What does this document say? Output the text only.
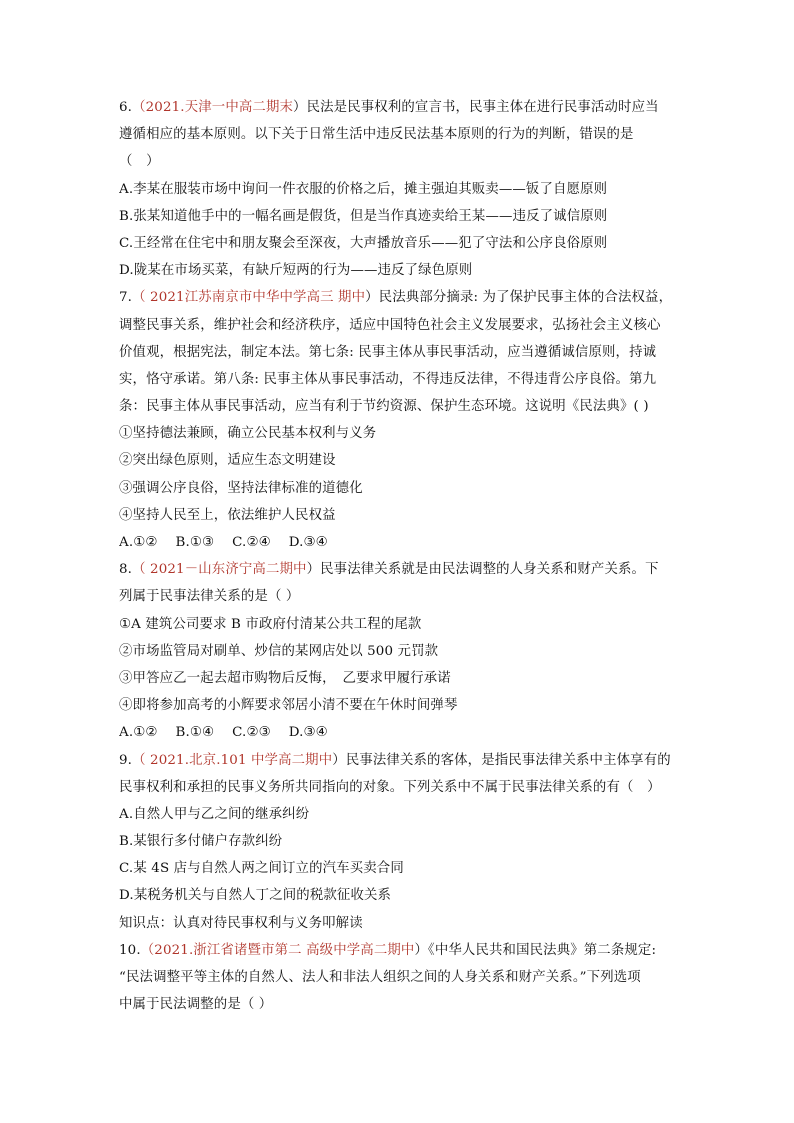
6.（2021.天津一中高二期末）民法是民事权利的宣言书，民事主体在进行民事活动时应当
遵循相应的基本原则。以下关于日常生活中违反民法基本原则的行为的判断，错误的是
（　）
A.李某在服装市场中询问一件衣服的价格之后，摊主强迫其贩卖——钣了自愿原则
B.张某知道他手中的一幅名画是假货，但是当作真迹卖给王某——违反了诚信原则
C.王经常在住宅中和朋友聚会至深夜，大声播放音乐——犯了守法和公序良俗原则
D.陇某在市场买菜，有缺斤短两的行为——违反了绿色原则
7.（ 2021江苏南京市中华中学高三 期中）民法典部分摘录: 为了保护民事主体的合法权益，
调整民事关系，维护社会和经济秩序，适应中国特色社会主义发展要求，弘扬社会主义核心
价值观，根据宪法，制定本法。第七条: 民事主体从事民事活动，应当遵循诚信原则，持诚
实，恪守承诺。第八条: 民事主体从事民事活动，不得违反法律，不得违背公序良俗。第九
条：民事主体从事民事活动，应当有利于节约资源、保护生态环境。这说明《民法典》( )
①坚持德法兼顾，确立公民基本权利与义务
②突出绿色原则，适应生态文明建设
③强调公序良俗，坚持法律标准的道德化
④坚持人民至上，依法维护人民权益
A.①②　 B.①③　 C.②④　 D.③④
8.（ 2021－山东济宁高二期中）民事法律关系就是由民法调整的人身关系和财产关系。下
列属于民事法律关系的是（ ）
①A 建筑公司要求 B 市政府付清某公共工程的尾款
②市场监管局对刷单、炒信的某网店处以 500 元罚款
③甲答应乙一起去超市购物后反悔，　乙要求甲履行承诺
④即将参加高考的小辉要求邻居小清不要在午休时间弹琴
A.①②　 B.①④　 C.②③　 D.③④
9.（ 2021.北京.101 中学高二期中）民事法律关系的客体，是指民事法律关系中主体享有的
民事权利和承担的民事义务所共同指向的对象。下列关系中不属于民事法律关系的有（　）
A.自然人甲与乙之间的继承纠纷
B.某银行多付储户存款纠纷
C.某 4S 店与自然人两之间订立的汽车买卖合同
D.某税务机关与自然人丁之间的税款征收关系
知识点：认真对待民事权利与义务叩解读
10.（2021.浙江省诸暨市第二 高级中学高二期中）《中华人民共和国民法典》第二条规定:
“民法调整平等主体的自然人、法人和非法人组织之间的人身关系和财产关系。”下列选项
中属于民法调整的是（ ）
